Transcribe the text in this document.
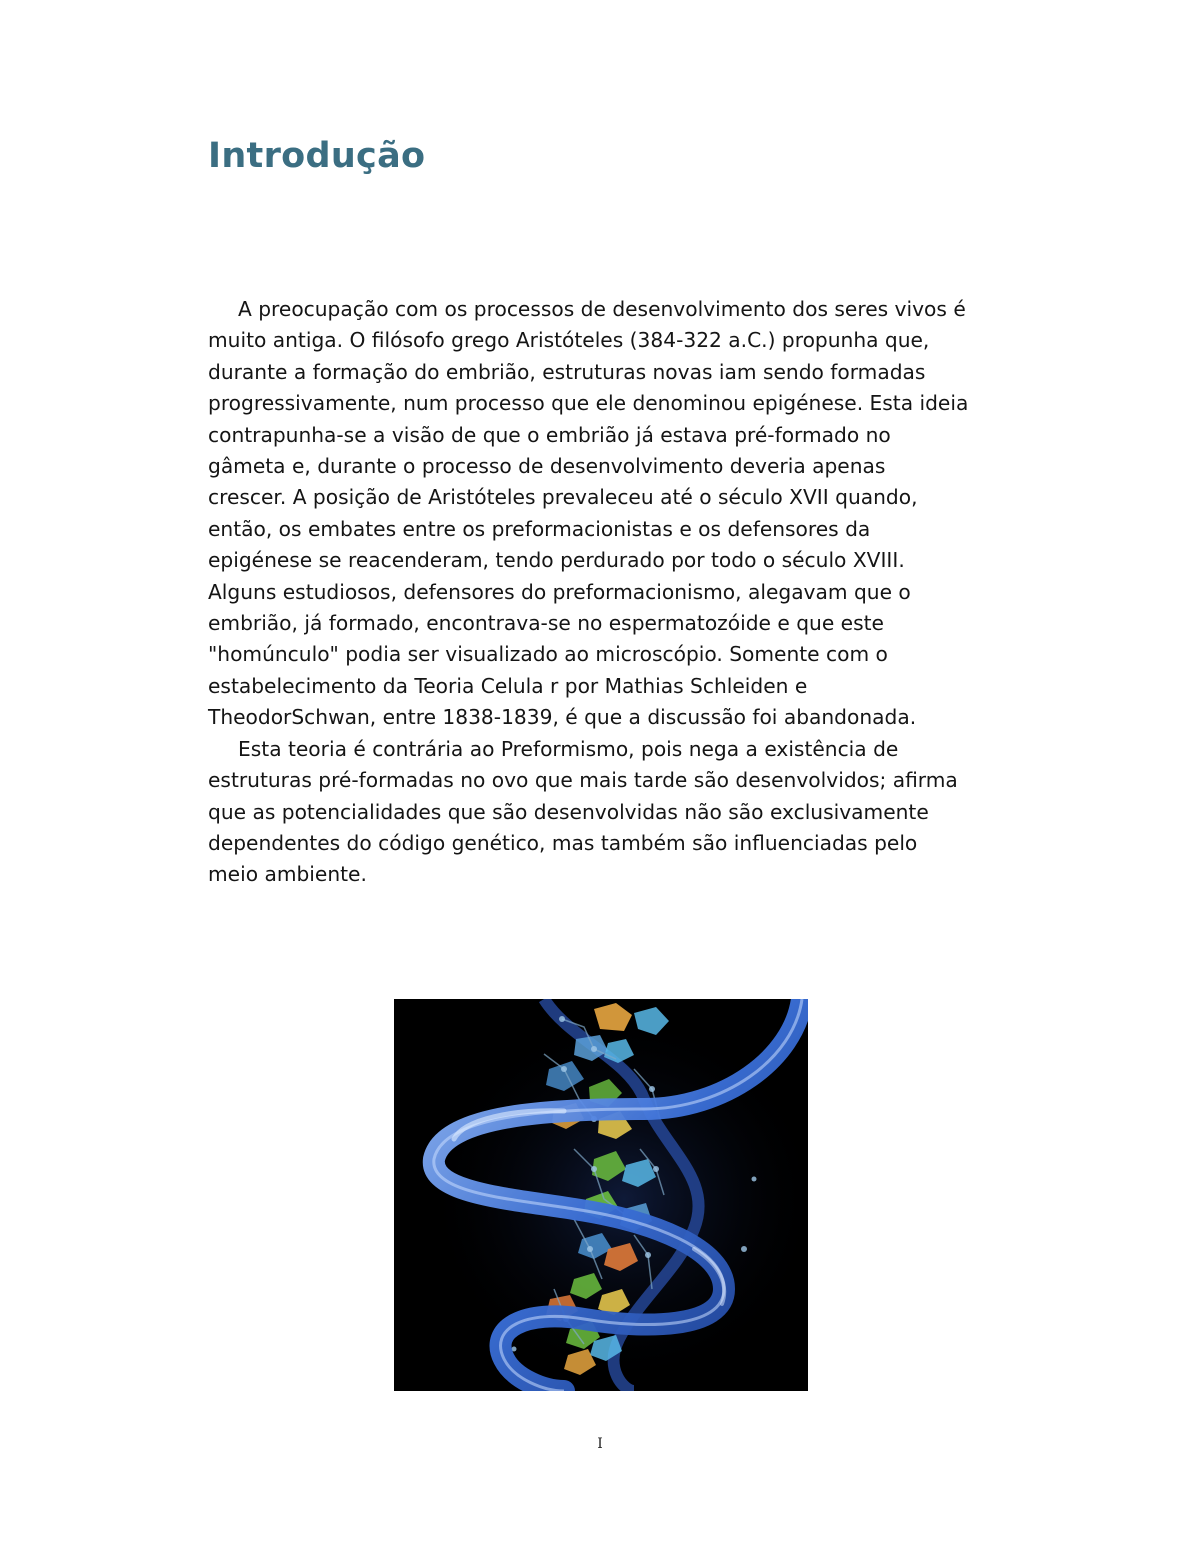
Introdução

A preocupação com os processos de desenvolvimento dos seres vivos é
muito antiga. O filósofo grego Aristóteles (384-322 a.C.) propunha que,
durante a formação do embrião, estruturas novas iam sendo formadas
progressivamente, num processo que ele denominou epigénese. Esta ideia
contrapunha-se a visão de que o embrião já estava pré-formado no
gâmeta e, durante o processo de desenvolvimento deveria apenas
crescer. A posição de Aristóteles prevaleceu até o século XVII quando,
então, os embates entre os preformacionistas e os defensores da
epigénese se reacenderam, tendo perdurado por todo o século XVIII.
Alguns estudiosos, defensores do preformacionismo, alegavam que o
embrião, já formado, encontrava-se no espermatozóide e que este
"homúnculo" podia ser visualizado ao microscópio. Somente com o
estabelecimento da Teoria Celula r por Mathias Schleiden e
TheodorSchwan, entre 1838-1839, é que a discussão foi abandonada.

Esta teoria é contrária ao Preformismo, pois nega a existência de
estruturas pré-formadas no ovo que mais tarde são desenvolvidos; afirma
que as potencialidades que são desenvolvidas não são exclusivamente
dependentes do código genético, mas também são influenciadas pelo
meio ambiente.

I
